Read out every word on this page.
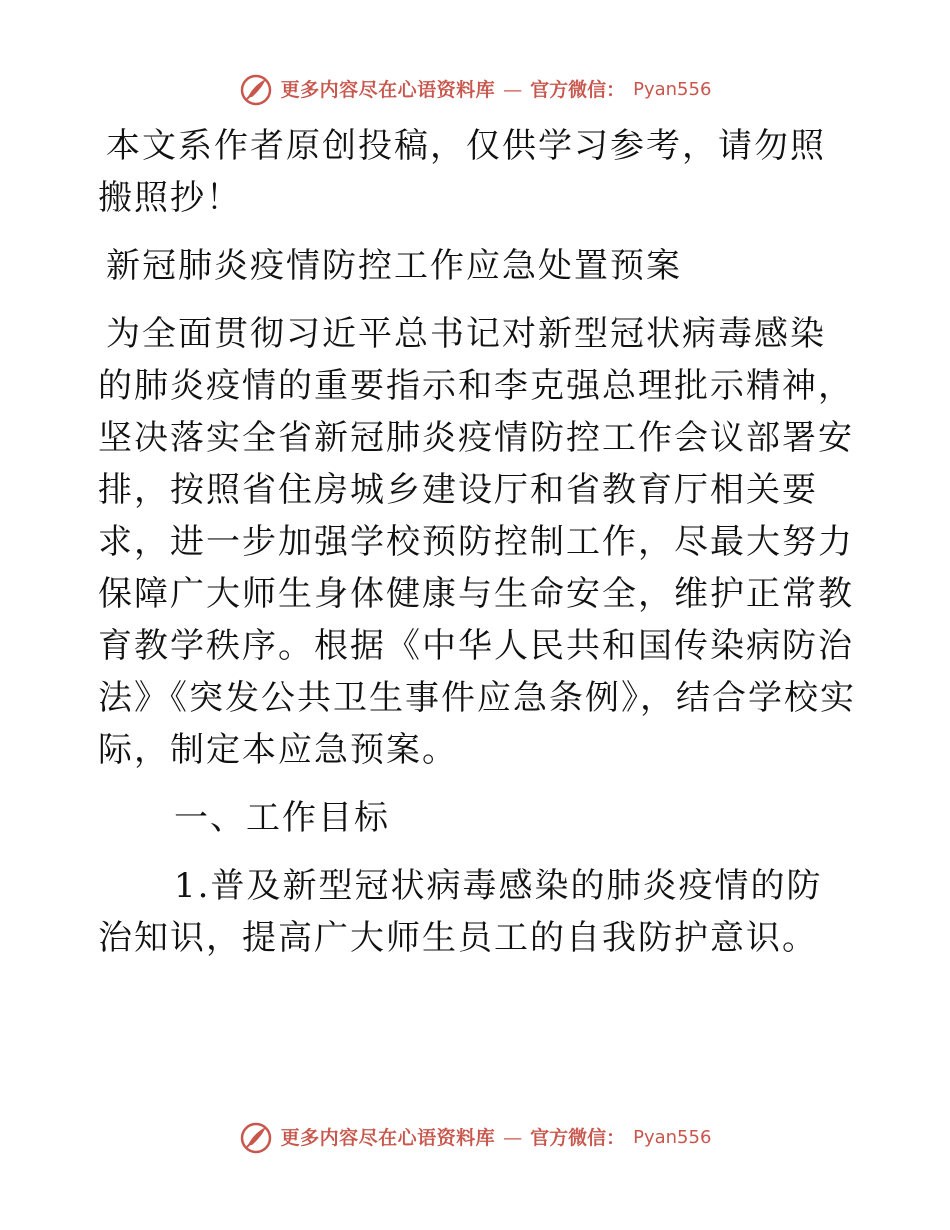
更多内容尽在心语资料库 — 官方微信： Pyan556

本文系作者原创投稿，仅供学习参考，请勿照搬照抄！

新冠肺炎疫情防控工作应急处置预案

为全面贯彻习近平总书记对新型冠状病毒感染的肺炎疫情的重要指示和李克强总理批示精神，坚决落实全省新冠肺炎疫情防控工作会议部署安排，按照省住房城乡建设厅和省教育厅相关要求，进一步加强学校预防控制工作，尽最大努力保障广大师生身体健康与生命安全，维护正常教育教学秩序。根据《中华人民共和国传染病防治法》《突发公共卫生事件应急条例》，结合学校实际，制定本应急预案。

一、工作目标

1.普及新型冠状病毒感染的肺炎疫情的防治知识，提高广大师生员工的自我防护意识。

更多内容尽在心语资料库 — 官方微信： Pyan556
